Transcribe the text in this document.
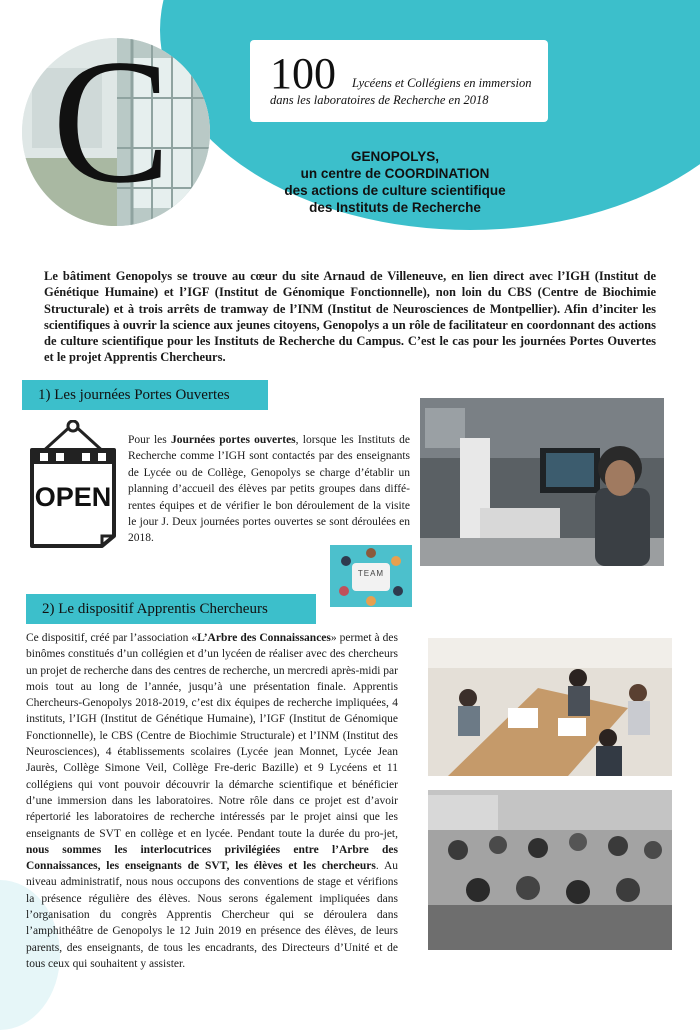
C 100 Lycéens et Collégiens en immersion
dans les laboratoires de Recherche en 2018
GENOPOLYS,
un centre de COORDINATION
des actions de culture scientifique
des Instituts de Recherche
Le bâtiment Genopolys se trouve au cœur du site Arnaud de Villeneuve, en lien direct avec l’IGH (Institut de Génétique Humaine) et l’IGF (Institut de Génomique Fonctionnelle), non loin du CBS (Centre de Biochimie Structurale) et à trois arrêts de tramway de l’INM (Institut de Neurosciences de Montpellier). Afin d’inciter les scientifiques à ouvrir la science aux jeunes citoyens, Genopolys a un rôle de facilitateur en coordonnant des actions de culture scientifique pour les Instituts de Recherche du Campus. C’est le cas pour les journées Portes Ouvertes et le projet Apprentis Chercheurs.
1) Les journées Portes Ouvertes
OPEN
Pour les Journées portes ouvertes, lorsque les Instituts de Recherche comme l’IGH sont contactés par des enseignants de Lycée ou de Collège, Genopolys se charge d’établir un planning d’accueil des élèves par petits groupes dans diffé-rentes équipes et de vérifier le bon déroulement de la visite le jour J. Deux journées portes ouvertes se sont déroulées en 2018.
TEAM
2) Le dispositif Apprentis Chercheurs
Ce dispositif, créé par l’association «L’Arbre des Connaissances» permet à des binômes constitués d’un collégien et d’un lycéen de réaliser avec des chercheurs un projet de recherche dans des centres de recherche, un mercredi après-midi par mois tout au long de l’année, jusqu’à une présentation finale. Apprentis Chercheurs-Genopolys 2018-2019, c’est dix équipes de recherche impliquées, 4 instituts, l’IGH (Institut de Génétique Humaine), l’IGF (Institut de Génomique Fonctionnelle), le CBS (Centre de Biochimie Structurale) et l’INM (Institut des Neurosciences), 4 établissements scolaires (Lycée jean Monnet, Lycée Jean Jaurès, Collège Simone Veil, Collège Fre-deric Bazille) et 9 Lycéens et 11 collégiens qui vont pouvoir découvrir la démarche scientifique et bénéficier d’une immersion dans les laboratoires. Notre rôle dans ce projet est d’avoir répertorié les laboratoires de recherche intéressés par le projet ainsi que les enseignants de SVT en collège et en lycée. Pendant toute la durée du pro-jet, nous sommes les interlocutrices privilégiées entre l’Arbre des Connaissances, les enseignants de SVT, les élèves et les chercheurs. Au niveau administratif, nous nous occupons des conventions de stage et vérifions la présence régulière des élèves. Nous serons également impliquées dans l’organisation du congrès Apprentis Chercheur qui se déroulera dans l’amphithéâtre de Genopolys le 12 Juin 2019 en présence des élèves, de leurs parents, des enseignants, de tous les encadrants, des Directeurs d’Unité et de tous ceux qui souhaitent y assister.
